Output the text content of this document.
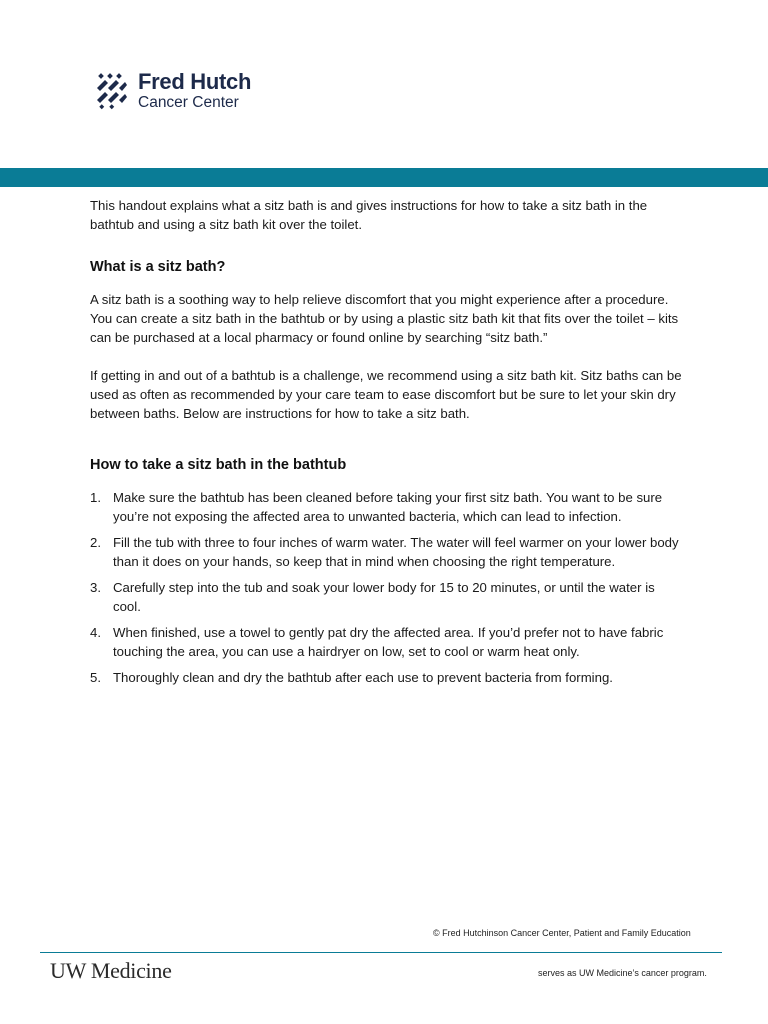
Fred Hutch
Cancer Center

This handout explains what a sitz bath is and gives instructions for how to take a sitz bath in the bathtub and using a sitz bath kit over the toilet.

What is a sitz bath?

A sitz bath is a soothing way to help relieve discomfort that you might experience after a procedure. You can create a sitz bath in the bathtub or by using a plastic sitz bath kit that fits over the toilet – kits can be purchased at a local pharmacy or found online by searching “sitz bath.”

If getting in and out of a bathtub is a challenge, we recommend using a sitz bath kit. Sitz baths can be used as often as recommended by your care team to ease discomfort but be sure to let your skin dry between baths. Below are instructions for how to take a sitz bath.

How to take a sitz bath in the bathtub
1. Make sure the bathtub has been cleaned before taking your first sitz bath. You want to be sure you’re not exposing the affected area to unwanted bacteria, which can lead to infection.
2. Fill the tub with three to four inches of warm water. The water will feel warmer on your lower body than it does on your hands, so keep that in mind when choosing the right temperature.
3. Carefully step into the tub and soak your lower body for 15 to 20 minutes, or until the water is cool.
4. When finished, use a towel to gently pat dry the affected area. If you’d prefer not to have fabric touching the area, you can use a hairdryer on low, set to cool or warm heat only.
5. Thoroughly clean and dry the bathtub after each use to prevent bacteria from forming.
© Fred Hutchinson Cancer Center, Patient and Family Education
UW Medicine	serves as UW Medicine’s cancer program.
